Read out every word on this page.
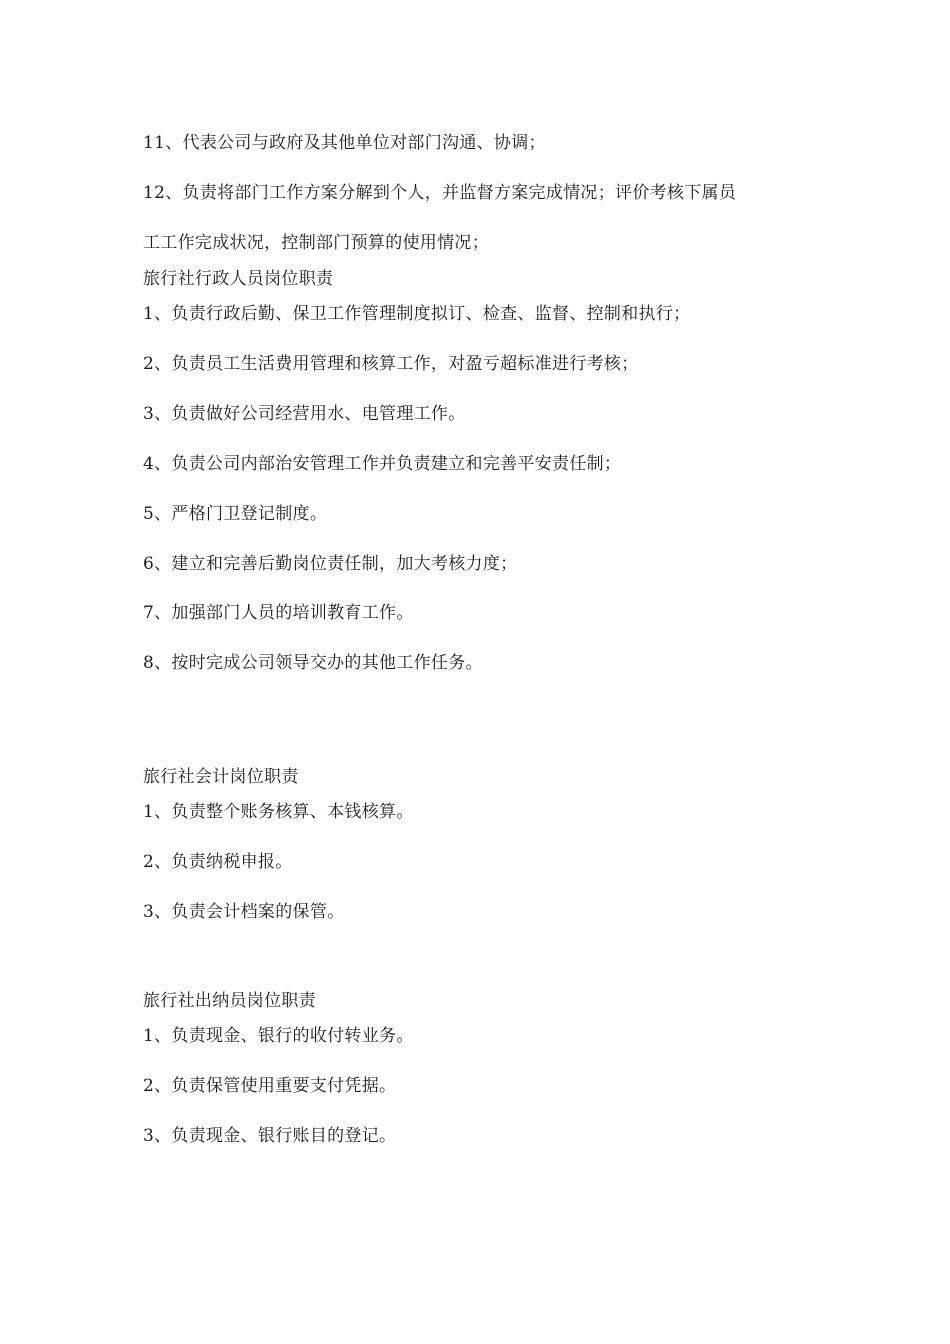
11、代表公司与政府及其他单位对部门沟通、协调；
12、负责将部门工作方案分解到个人，并监督方案完成情况；评价考核下属员
工工作完成状况，控制部门预算的使用情况；
旅行社行政人员岗位职责
1、负责行政后勤、保卫工作管理制度拟订、检查、监督、控制和执行；
2、负责员工生活费用管理和核算工作，对盈亏超标准进行考核；
3、负责做好公司经营用水、电管理工作。
4、负责公司内部治安管理工作并负责建立和完善平安责任制；
5、严格门卫登记制度。
6、建立和完善后勤岗位责任制，加大考核力度；
7、加强部门人员的培训教育工作。
8、按时完成公司领导交办的其他工作任务。
旅行社会计岗位职责
1、负责整个账务核算、本钱核算。
2、负责纳税申报。
3、负责会计档案的保管。
旅行社出纳员岗位职责
1、负责现金、银行的收付转业务。
2、负责保管使用重要支付凭据。
3、负责现金、银行账目的登记。
